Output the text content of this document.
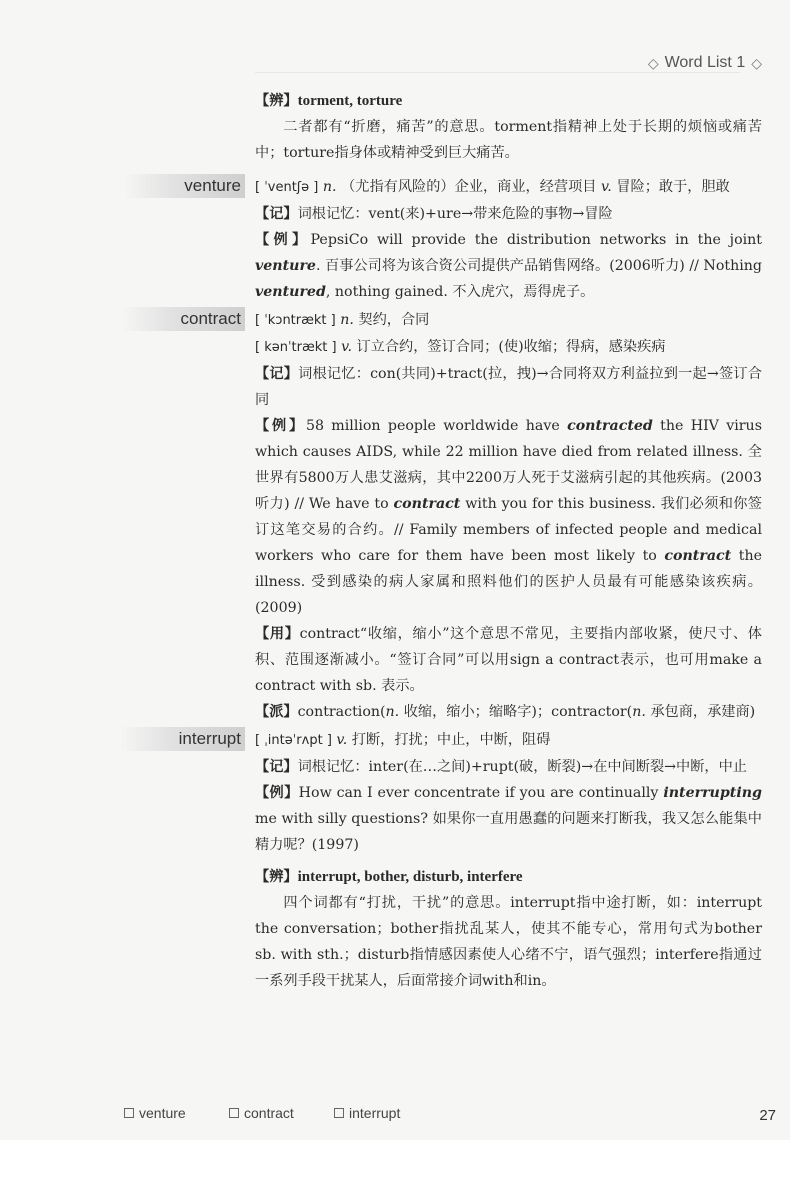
◇ Word List 1 ◇

【辨】torment, torture

二者都有“折磨，痛苦”的意思。torment指精神上处于长期的烦恼或痛苦中；torture指身体或精神受到巨大痛苦。

venture	[ ˈventʃə ] n. （尤指有风险的）企业，商业，经营项目 v. 冒险；敢于，胆敢

【记】词根记忆：vent(来)+ure→带来危险的事物→冒险

【例】PepsiCo will provide the distribution networks in the joint venture. 百事公司将为该合资公司提供产品销售网络。(2006听力) // Nothing ventured, nothing gained. 不入虎穴，焉得虎子。

contract	[ ˈkɔntrækt ] n. 契约，合同

[ kənˈtrækt ] v. 订立合约，签订合同；(使)收缩；得病，感染疾病

【记】词根记忆：con(共同)+tract(拉，拽)→合同将双方利益拉到一起→签订合同

【例】58 million people worldwide have contracted the HIV virus which causes AIDS, while 22 million have died from related illness. 全世界有5800万人患艾滋病，其中2200万人死于艾滋病引起的其他疾病。(2003听力) // We have to contract with you for this business. 我们必须和你签订这笔交易的合约。// Family members of infected people and medical workers who care for them have been most likely to contract the illness. 受到感染的病人家属和照料他们的医护人员最有可能感染该疾病。(2009)

【用】contract“收缩，缩小”这个意思不常见，主要指内部收紧，使尺寸、体积、范围逐渐减小。“签订合同”可以用sign a contract表示，也可用make a contract with sb. 表示。

【派】contraction(n. 收缩，缩小；缩略字)；contractor(n. 承包商，承建商)

interrupt	[ ˌintəˈrʌpt ] v. 打断，打扰；中止，中断，阻碍

【记】词根记忆：inter(在…之间)+rupt(破，断裂)→在中间断裂→中断，中止

【例】How can I ever concentrate if you are continually interrupting me with silly questions? 如果你一直用愚蠢的问题来打断我，我又怎么能集中精力呢？(1997)

【辨】interrupt, bother, disturb, interfere

四个词都有“打扰，干扰”的意思。interrupt指中途打断，如：interrupt the conversation；bother指扰乱某人，使其不能专心，常用句式为bother sb. with sth.；disturb指情感因素使人心绪不宁，语气强烈；interfere指通过一系列手段干扰某人，后面常接介词with和in。

venture	contract	interrupt	27
